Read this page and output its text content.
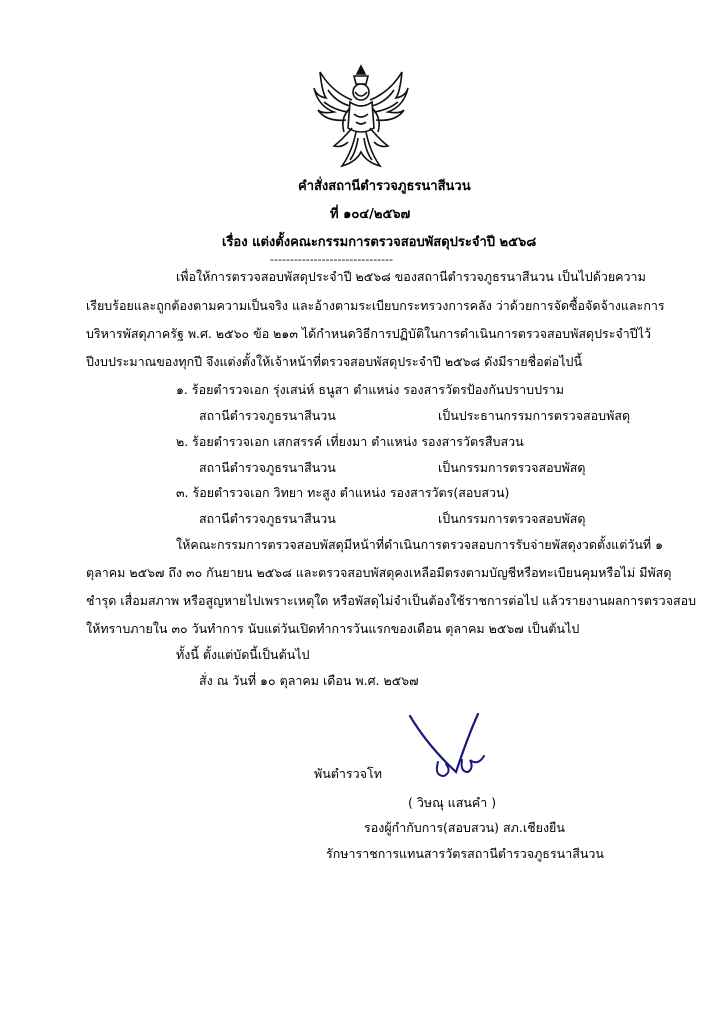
คำสั่งสถานีตำรวจภูธรนาสีนวน
ที่ ๑๐๔/๒๕๖๗
เรื่อง แต่งตั้งคณะกรรมการตรวจสอบพัสดุประจำปี ๒๕๖๘
-------------------------------
เพื่อให้การตรวจสอบพัสดุประจำปี ๒๕๖๘ ของสถานีตำรวจภูธรนาสีนวน เป็นไปด้วยความ
เรียบร้อยและถูกต้องตามความเป็นจริง และอ้างตามระเบียบกระทรวงการคลัง ว่าด้วยการจัดซื้อจัดจ้างและการ
บริหารพัสดุภาครัฐ พ.ศ. ๒๕๖๐ ข้อ ๒๑๓ ได้กำหนดวิธีการปฏิบัติในการดำเนินการตรวจสอบพัสดุประจำปีไว้
ปีงบประมาณของทุกปี จึงแต่งตั้งให้เจ้าหน้าที่ตรวจสอบพัสดุประจำปี ๒๕๖๘ ดังมีรายชื่อต่อไปนี้
๑. ร้อยตำรวจเอก รุ่งเสน่ห์ ธนูสา ตำแหน่ง รองสารวัตรป้องกันปราบปราม
สถานีตำรวจภูธรนาสีนวน	เป็นประธานกรรมการตรวจสอบพัสดุ
๒. ร้อยตำรวจเอก เสกสรรค์ เที่ยงมา ตำแหน่ง รองสารวัตรสืบสวน
สถานีตำรวจภูธรนาสีนวน	เป็นกรรมการตรวจสอบพัสดุ
๓. ร้อยตำรวจเอก วิทยา ทะสูง ตำแหน่ง รองสารวัตร(สอบสวน)
สถานีตำรวจภูธรนาสีนวน	เป็นกรรมการตรวจสอบพัสดุ
ให้คณะกรรมการตรวจสอบพัสดุมีหน้าที่ดำเนินการตรวจสอบการรับจ่ายพัสดุงวดตั้งแต่วันที่ ๑
ตุลาคม ๒๕๖๗ ถึง ๓๐ กันยายน ๒๕๖๘ และตรวจสอบพัสดุคงเหลือมีตรงตามบัญชีหรือทะเบียนคุมหรือไม่ มีพัสดุ
ชำรุด เสื่อมสภาพ หรือสูญหายไปเพราะเหตุใด หรือพัสดุไม่จำเป็นต้องใช้ราชการต่อไป แล้วรายงานผลการตรวจสอบ
ให้ทราบภายใน ๓๐ วันทำการ นับแต่วันเปิดทำการวันแรกของเดือน ตุลาคม ๒๕๖๗ เป็นต้นไป
ทั้งนี้ ตั้งแต่บัดนี้เป็นต้นไป
สั่ง ณ วันที่ ๑๐ ตุลาคม เดือน พ.ศ. ๒๕๖๗
พันตำรวจโท
( วิษณุ แสนคำ )
รองผู้กำกับการ(สอบสวน) สภ.เชียงยืน
รักษาราชการแทนสารวัตรสถานีตำรวจภูธรนาสีนวน
